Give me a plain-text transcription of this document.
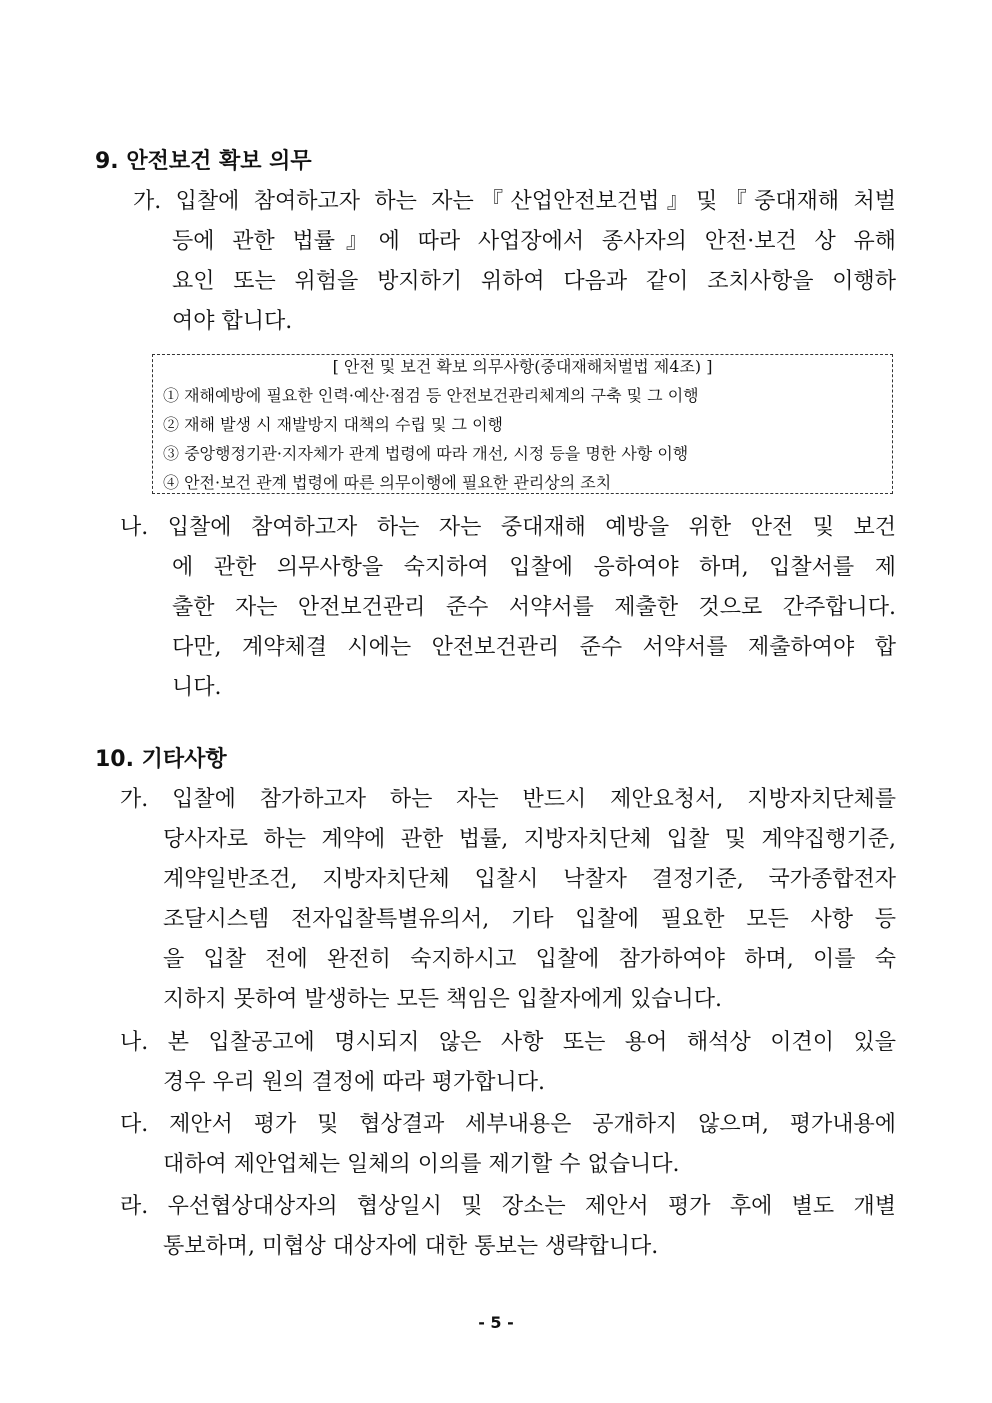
9. 안전보건 확보 의무

가. 입찰에 참여하고자 하는 자는『산업안전보건법』및『중대재해 처벌

등에 관한 법률』에 따라 사업장에서 종사자의 안전·보건 상 유해

요인 또는 위험을 방지하기 위하여 다음과 같이 조치사항을 이행하

여야 합니다.

[ 안전 및 보건 확보 의무사항(중대재해처벌법 제4조) ]

① 재해예방에 필요한 인력·예산·점검 등 안전보건관리체계의 구축 및 그 이행

② 재해 발생 시 재발방지 대책의 수립 및 그 이행

③ 중앙행정기관·지자체가 관계 법령에 따라 개선, 시정 등을 명한 사항 이행

④ 안전·보건 관계 법령에 따른 의무이행에 필요한 관리상의 조치

나. 입찰에 참여하고자 하는 자는 중대재해 예방을 위한 안전 및 보건

에 관한 의무사항을 숙지하여 입찰에 응하여야 하며, 입찰서를 제

출한 자는 안전보건관리 준수 서약서를 제출한 것으로 간주합니다.

다만, 계약체결 시에는 안전보건관리 준수 서약서를 제출하여야 합

니다.

10. 기타사항

가. 입찰에 참가하고자 하는 자는 반드시 제안요청서, 지방자치단체를

당사자로 하는 계약에 관한 법률, 지방자치단체 입찰 및 계약집행기준,

계약일반조건, 지방자치단체 입찰시 낙찰자 결정기준, 국가종합전자

조달시스템 전자입찰특별유의서, 기타 입찰에 필요한 모든 사항 등

을 입찰 전에 완전히 숙지하시고 입찰에 참가하여야 하며, 이를 숙

지하지 못하여 발생하는 모든 책임은 입찰자에게 있습니다.

나. 본 입찰공고에 명시되지 않은 사항 또는 용어 해석상 이견이 있을

경우 우리 원의 결정에 따라 평가합니다.

다. 제안서 평가 및 협상결과 세부내용은 공개하지 않으며, 평가내용에

대하여 제안업체는 일체의 이의를 제기할 수 없습니다.

라. 우선협상대상자의 협상일시 및 장소는 제안서 평가 후에 별도 개별

통보하며, 미협상 대상자에 대한 통보는 생략합니다.

- 5 -
